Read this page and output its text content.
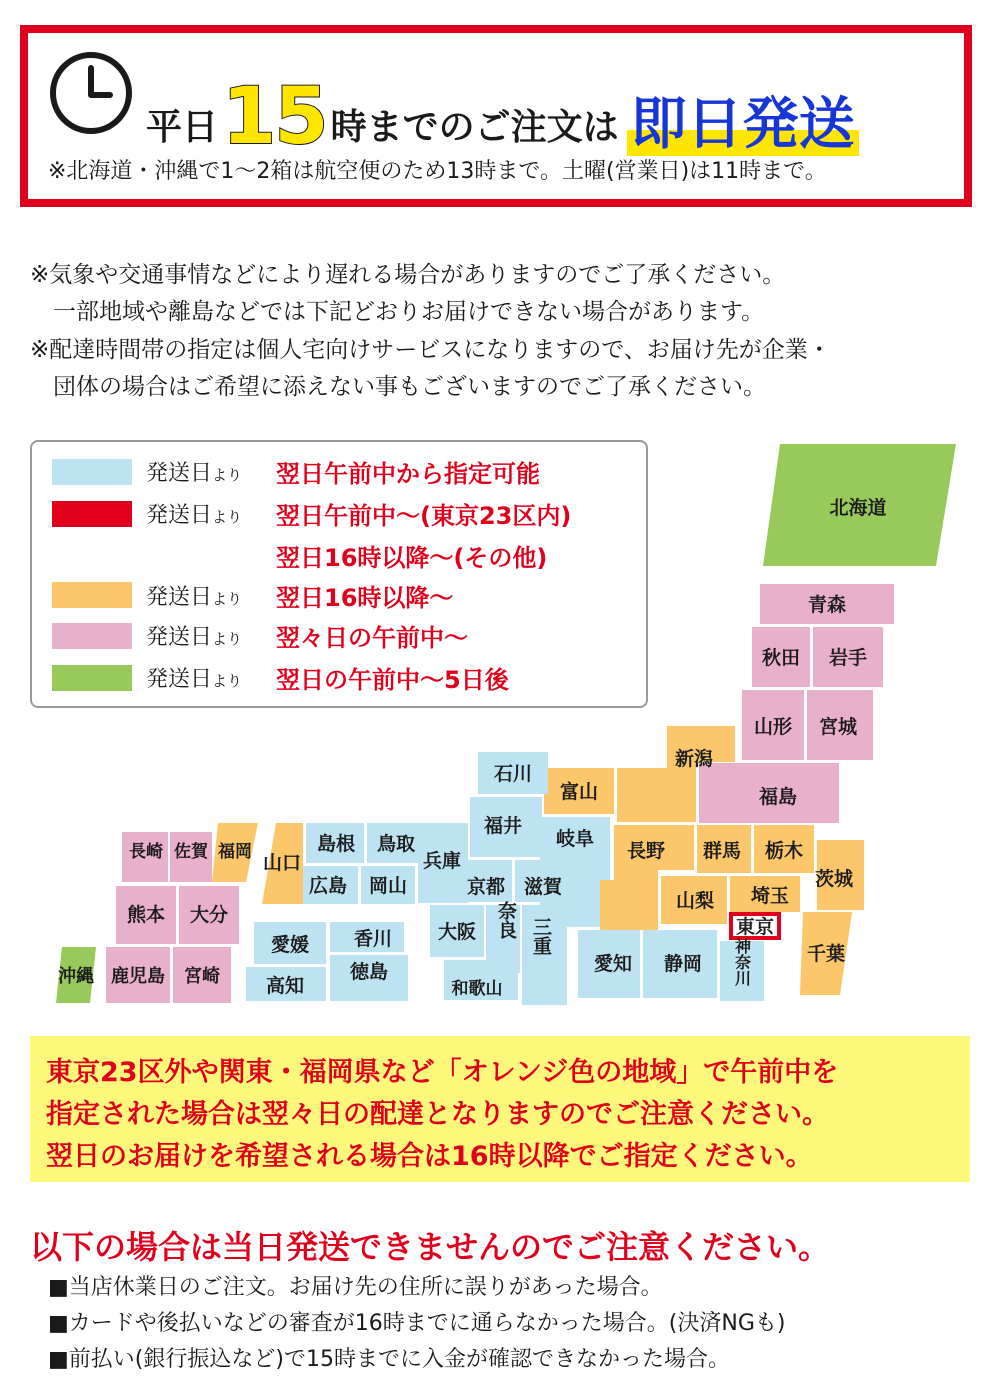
平日 15 時までのご注文は 即日発送
※北海道・沖縄で1〜2箱は航空便のため13時まで。土曜(営業日)は11時まで。
※気象や交通事情などにより遅れる場合がありますのでご了承ください。
　一部地域や離島などでは下記どおりお届けできない場合があります。
※配達時間帯の指定は個人宅向けサービスになりますので、お届け先が企業・
　団体の場合はご希望に添えない事もございますのでご了承ください。
北海道
青森
秋田 岩手
山形 宮城
新潟
福島
石川
富山
福井
岐阜
長野 群馬 栃木
茨城
山梨 埼玉
東京
千葉
神奈川
静岡
愛知
三重
奈良
大阪
和歌山
京都 滋賀
兵庫
島根 鳥取
広島 岡山
山口
愛媛 香川
高知
徳島
福岡
長崎 佐賀
熊本 大分
鹿児島 宮崎
沖縄
発送日より 翌日午前中から指定可能
発送日より 翌日午前中〜(東京23区内)
翌日16時以降〜(その他)
発送日より 翌日16時以降〜
発送日より 翌々日の午前中〜
発送日より 翌日の午前中〜5日後
東京23区外や関東・福岡県など「オレンジ色の地域」で午前中を
指定された場合は翌々日の配達となりますのでご注意ください。
翌日のお届けを希望される場合は16時以降でご指定ください。
以下の場合は当日発送できませんのでご注意ください。
■当店休業日のご注文。お届け先の住所に誤りがあった場合。
■カードや後払いなどの審査が16時までに通らなかった場合。(決済NGも)
■前払い(銀行振込など)で15時までに入金が確認できなかった場合。
